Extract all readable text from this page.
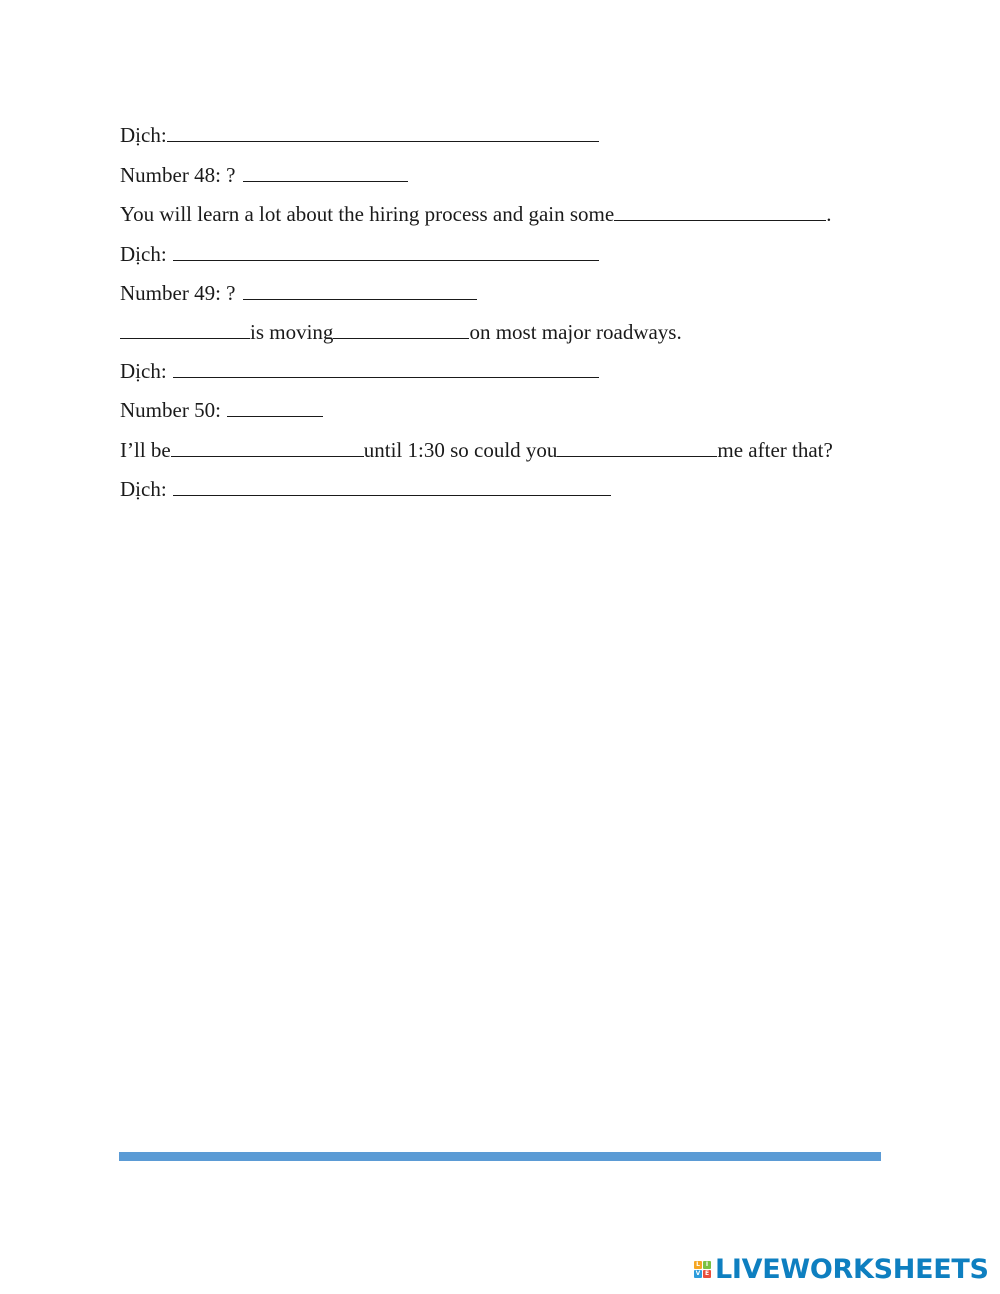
Dịch:
Number 48: ?
You will learn a lot about the hiring process and gain some	.
Dịch:
Number 49: ?
is moving	on most major roadways.
Dịch:
Number 50:
I’ll be	until 1:30 so could you	me after that?
Dịch:
L I
V E LIVEWORKSHEETS
